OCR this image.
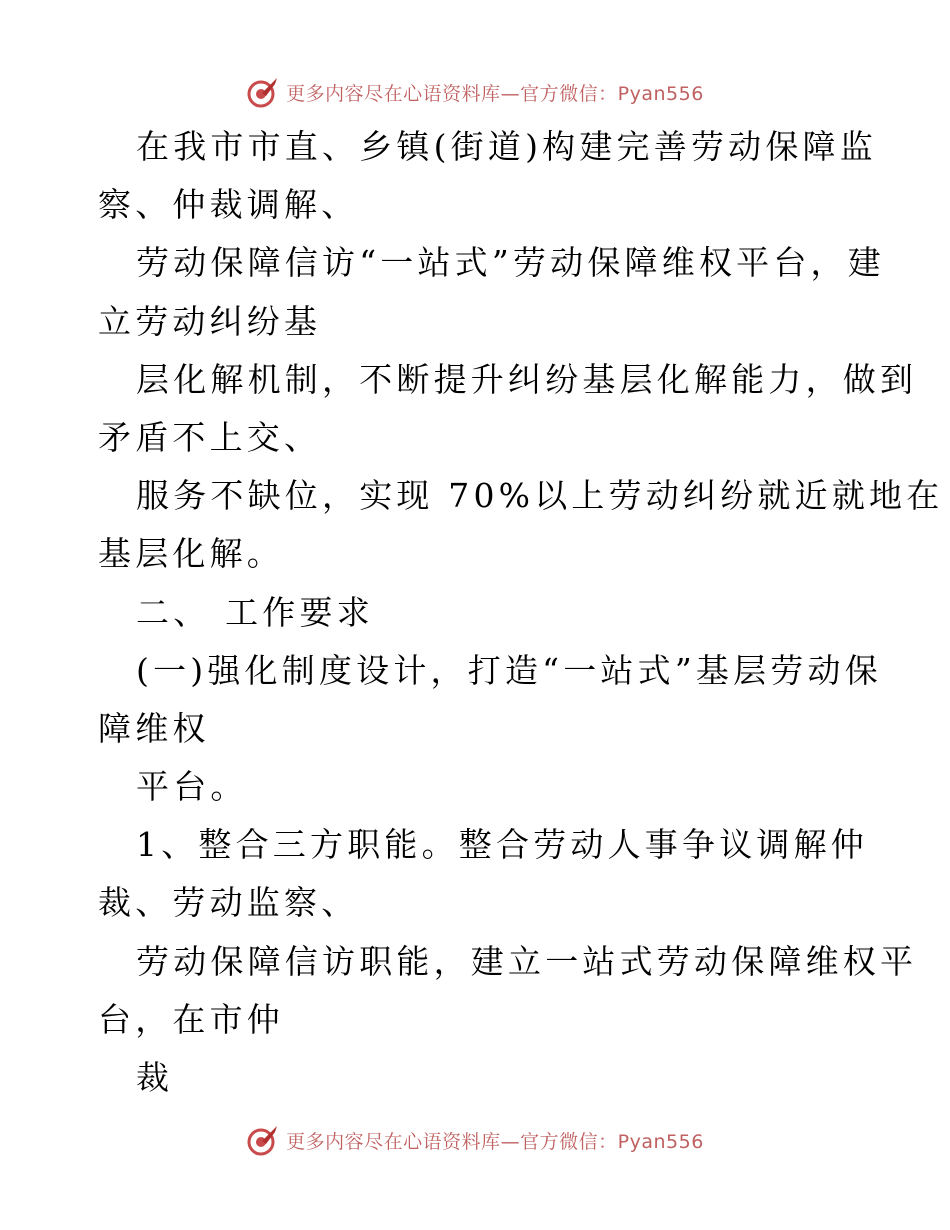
更多内容尽在心语资料库—官方微信：Pyan556
在我市市直、乡镇(街道)构建完善劳动保障监
察、仲裁调解、
劳动保障信访“一站式”劳动保障维权平台，建
立劳动纠纷基
层化解机制，不断提升纠纷基层化解能力，做到
矛盾不上交、
服务不缺位，实现 70%以上劳动纠纷就近就地在
基层化解。
二、 工作要求
(一)强化制度设计，打造“一站式”基层劳动保
障维权
平台。
1、整合三方职能。整合劳动人事争议调解仲
裁、劳动监察、
劳动保障信访职能，建立一站式劳动保障维权平
台，在市仲
裁
更多内容尽在心语资料库—官方微信：Pyan556
